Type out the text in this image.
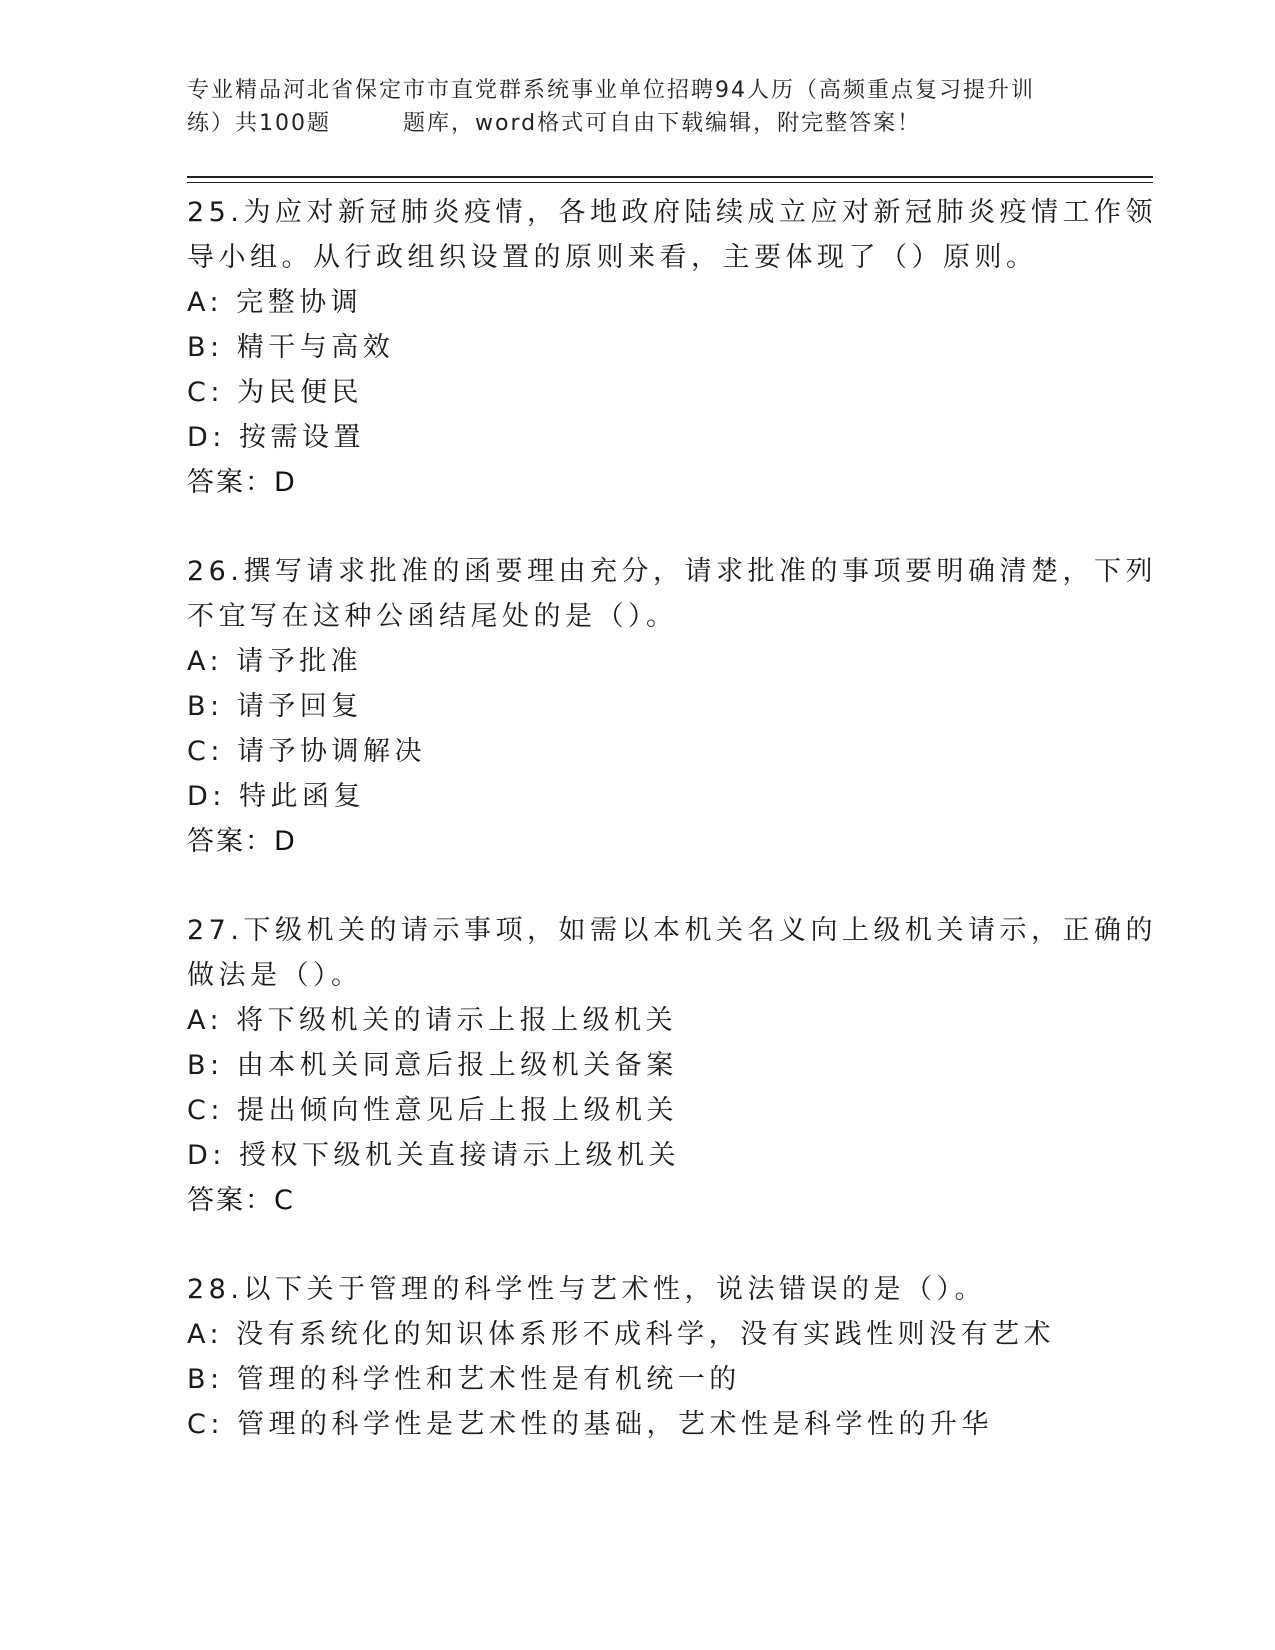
专业精品河北省保定市市直党群系统事业单位招聘94人历（高频重点复习提升训
练）共100题　　　题库，word格式可自由下载编辑，附完整答案！
25.为应对新冠肺炎疫情，各地政府陆续成立应对新冠肺炎疫情工作领
导小组。从行政组织设置的原则来看，主要体现了（）原则。
A: 完整协调
B: 精干与高效
C: 为民便民
D: 按需设置
答案：D
26.撰写请求批准的函要理由充分，请求批准的事项要明确清楚，下列
不宜写在这种公函结尾处的是（）。
A: 请予批准
B: 请予回复
C: 请予协调解决
D: 特此函复
答案：D
27.下级机关的请示事项，如需以本机关名义向上级机关请示，正确的
做法是（）。
A: 将下级机关的请示上报上级机关
B: 由本机关同意后报上级机关备案
C: 提出倾向性意见后上报上级机关
D: 授权下级机关直接请示上级机关
答案：C
28.以下关于管理的科学性与艺术性，说法错误的是（）。
A: 没有系统化的知识体系形不成科学，没有实践性则没有艺术
B: 管理的科学性和艺术性是有机统一的
C: 管理的科学性是艺术性的基础，艺术性是科学性的升华
